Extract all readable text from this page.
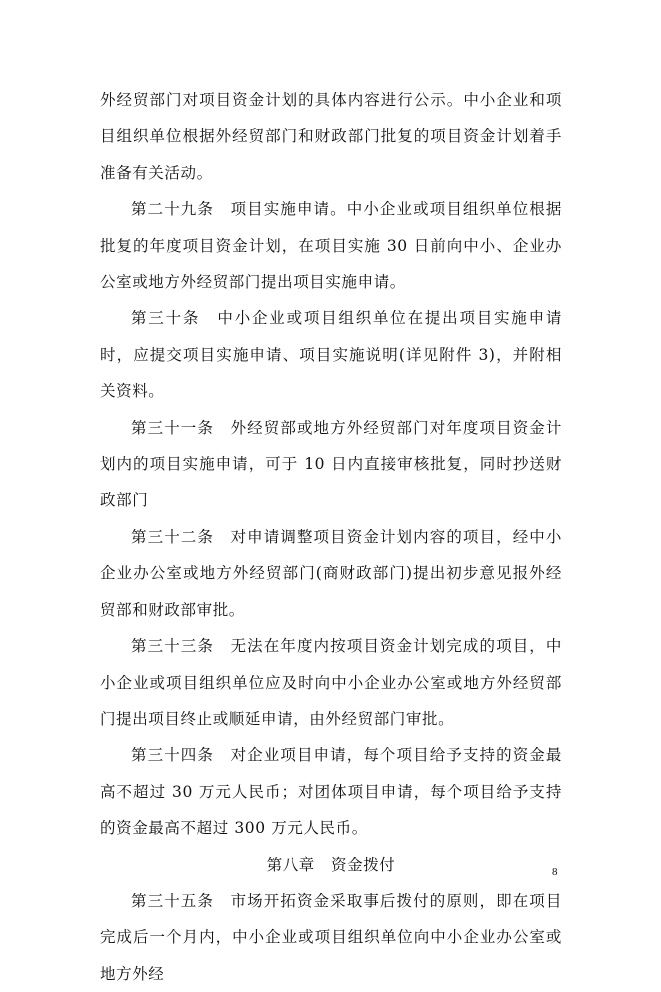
外经贸部门对项目资金计划的具体内容进行公示。中小企业和项目组织单位根据外经贸部门和财政部门批复的项目资金计划着手准备有关活动。

第二十九条　项目实施申请。中小企业或项目组织单位根据批复的年度项目资金计划，在项目实施 30 日前向中小、企业办公室或地方外经贸部门提出项目实施申请。

第三十条　中小企业或项目组织单位在提出项目实施申请时，应提交项目实施申请、项目实施说明(详见附件 3)，并附相关资料。

第三十一条　外经贸部或地方外经贸部门对年度项目资金计划内的项目实施申请，可于 10 日内直接审核批复，同时抄送财政部门

第三十二条　对申请调整项目资金计划内容的项目，经中小企业办公室或地方外经贸部门(商财政部门)提出初步意见报外经贸部和财政部审批。

第三十三条　无法在年度内按项目资金计划完成的项目，中小企业或项目组织单位应及时向中小企业办公室或地方外经贸部门提出项目终止或顺延申请，由外经贸部门审批。

第三十四条　对企业项目申请，每个项目给予支持的资金最高不超过 30 万元人民币；对团体项目申请，每个项目给予支持的资金最高不超过 300 万元人民币。

第八章　资金拨付

第三十五条　市场开拓资金采取事后拨付的原则，即在项目完成后一个月内，中小企业或项目组织单位向中小企业办公室或地方外经

8
